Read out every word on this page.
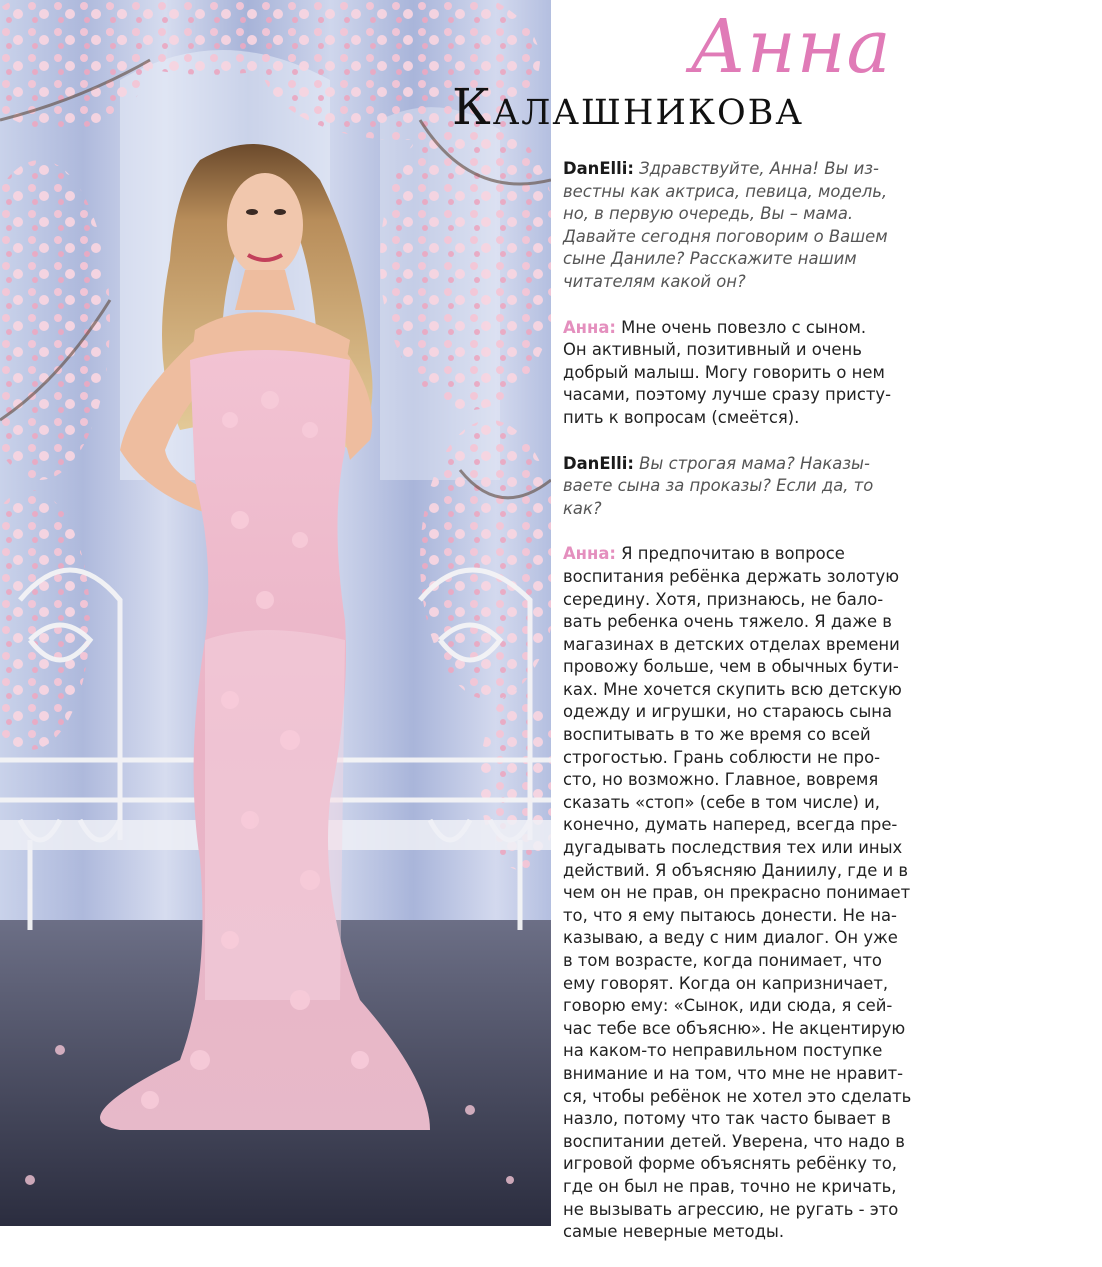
Анна
Калашникова

DanElli: Здравствуйте, Анна! Вы из-
вестны как актриса, певица, модель,
но, в первую очередь, Вы – мама.
Давайте сегодня поговорим о Вашем
сыне Даниле? Расскажите нашим
читателям какой он?

Анна: Мне очень повезло с сыном.
Он активный, позитивный и очень
добрый малыш. Могу говорить о нем
часами, поэтому лучше сразу присту-
пить к вопросам (смеётся).

DanElli: Вы строгая мама? Наказы-
ваете сына за проказы? Если да, то
как?

Анна: Я предпочитаю в вопросе
воспитания ребёнка держать золотую
середину. Хотя, признаюсь, не бало-
вать ребенка очень тяжело. Я даже в
магазинах в детских отделах времени
провожу больше, чем в обычных бути-
ках. Мне хочется скупить всю детскую
одежду и игрушки, но стараюсь сына
воспитывать в то же время со всей
строгостью. Грань соблюсти не про-
сто, но возможно. Главное, вовремя
сказать «стоп» (себе в том числе) и,
конечно, думать наперед, всегда пре-
дугадывать последствия тех или иных
действий. Я объясняю Даниилу, где и в
чем он не прав, он прекрасно понимает
то, что я ему пытаюсь донести. Не на-
казываю, а веду с ним диалог. Он уже
в том возрасте, когда понимает, что
ему говорят. Когда он капризничает,
говорю ему: «Сынок, иди сюда, я сей-
час тебе все объясню». Не акцентирую
на каком-то неправильном поступке
внимание и на том, что мне не нравит-
ся, чтобы ребёнок не хотел это сделать
назло, потому что так часто бывает в
воспитании детей. Уверена, что надо в
игровой форме объяснять ребёнку то,
где он был не прав, точно не кричать,
не вызывать агрессию, не ругать - это
самые неверные методы.
